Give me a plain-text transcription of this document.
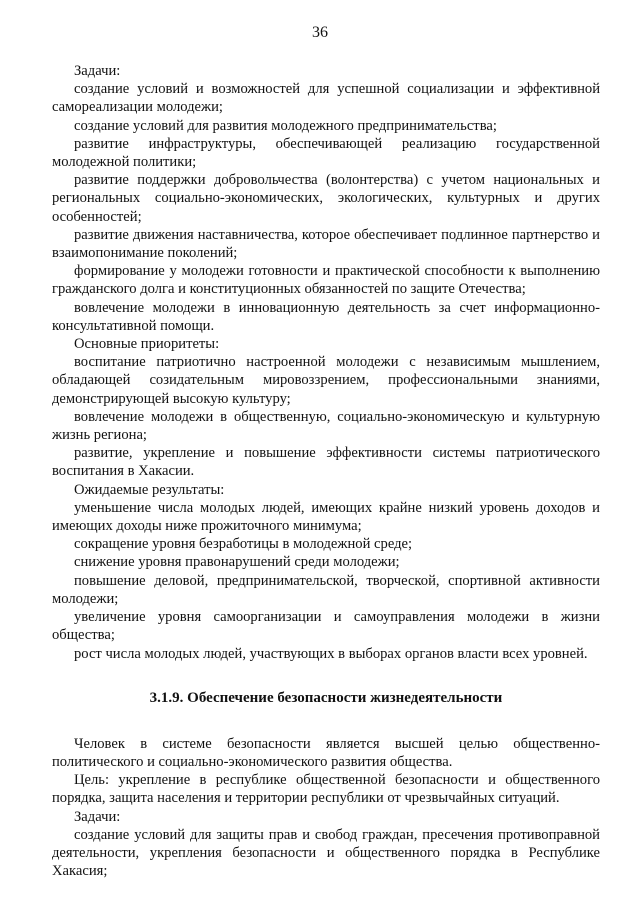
36

Задачи:

создание условий и возможностей для успешной социализации и эффективной самореализации молодежи;

создание условий для развития молодежного предпринимательства;

развитие инфраструктуры, обеспечивающей реализацию государственной молодежной политики;

развитие поддержки добровольчества (волонтерства) с учетом национальных и региональных социально-экономических, экологических, культурных и других особенностей;

развитие движения наставничества, которое обеспечивает подлинное партнерство и взаимопонимание поколений;

формирование у молодежи готовности и практической способности к выполнению гражданского долга и конституционных обязанностей по защите Отечества;

вовлечение молодежи в инновационную деятельность за счет информационно-консультативной помощи.

Основные приоритеты:

воспитание патриотично настроенной молодежи с независимым мышлением, обладающей созидательным мировоззрением, профессиональными знаниями, демонстрирующей высокую культуру;

вовлечение молодежи в общественную, социально-экономическую и культурную жизнь региона;

развитие, укрепление и повышение эффективности системы патриотического воспитания в Хакасии.

Ожидаемые результаты:

уменьшение числа молодых людей, имеющих крайне низкий уровень доходов и имеющих доходы ниже прожиточного минимума;

сокращение уровня безработицы в молодежной среде;

снижение уровня правонарушений среди молодежи;

повышение деловой, предпринимательской, творческой, спортивной активности молодежи;

увеличение уровня самоорганизации и самоуправления молодежи в жизни общества;

рост числа молодых людей, участвующих в выборах органов власти всех уровней.

3.1.9. Обеспечение безопасности жизнедеятельности

Человек в системе безопасности является высшей целью общественно-политического и социально-экономического развития общества.

Цель: укрепление в республике общественной безопасности и общественного порядка, защита населения и территории республики от чрезвычайных ситуаций.

Задачи:

создание условий для защиты прав и свобод граждан, пресечения противоправной деятельности, укрепления безопасности и общественного порядка в Республике Хакасия;
